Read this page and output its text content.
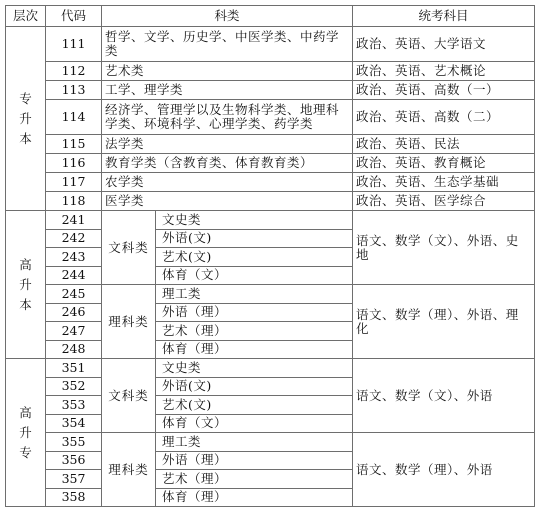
层次	代码	科类		统考科目
专升本	111	哲学、文学、历史学、中医学类、中药学类		政治、英语、大学语文
	112	艺术类		政治、英语、艺术概论
	113	工学、理学类		政治、英语、高数（一）
	114	经济学、管理学以及生物科学类、地理科学类、环境科学、心理学类、药学类		政治、英语、高数（二）
	115	法学类		政治、英语、民法
	116	教育学类（含教育类、体育教育类）		政治、英语、教育概论
	117	农学类		政治、英语、生态学基础
	118	医学类		政治、英语、医学综合
高升本	241	文科类	文史类	语文、数学（文）、外语、史地
	242		外语(文)	
	243		艺术(文)	
	244		体育（文）	
	245	理科类	理工类	语文、数学（理）、外语、理化
	246		外语（理）	
	247		艺术（理）	
	248		体育（理）	
高升专	351	文科类	文史类	语文、数学（文）、外语
	352		外语(文)	
	353		艺术(文)	
	354		体育（文）	
	355	理科类	理工类	语文、数学（理）、外语
	356		外语（理）	
	357		艺术（理）	
	358		体育（理）	
